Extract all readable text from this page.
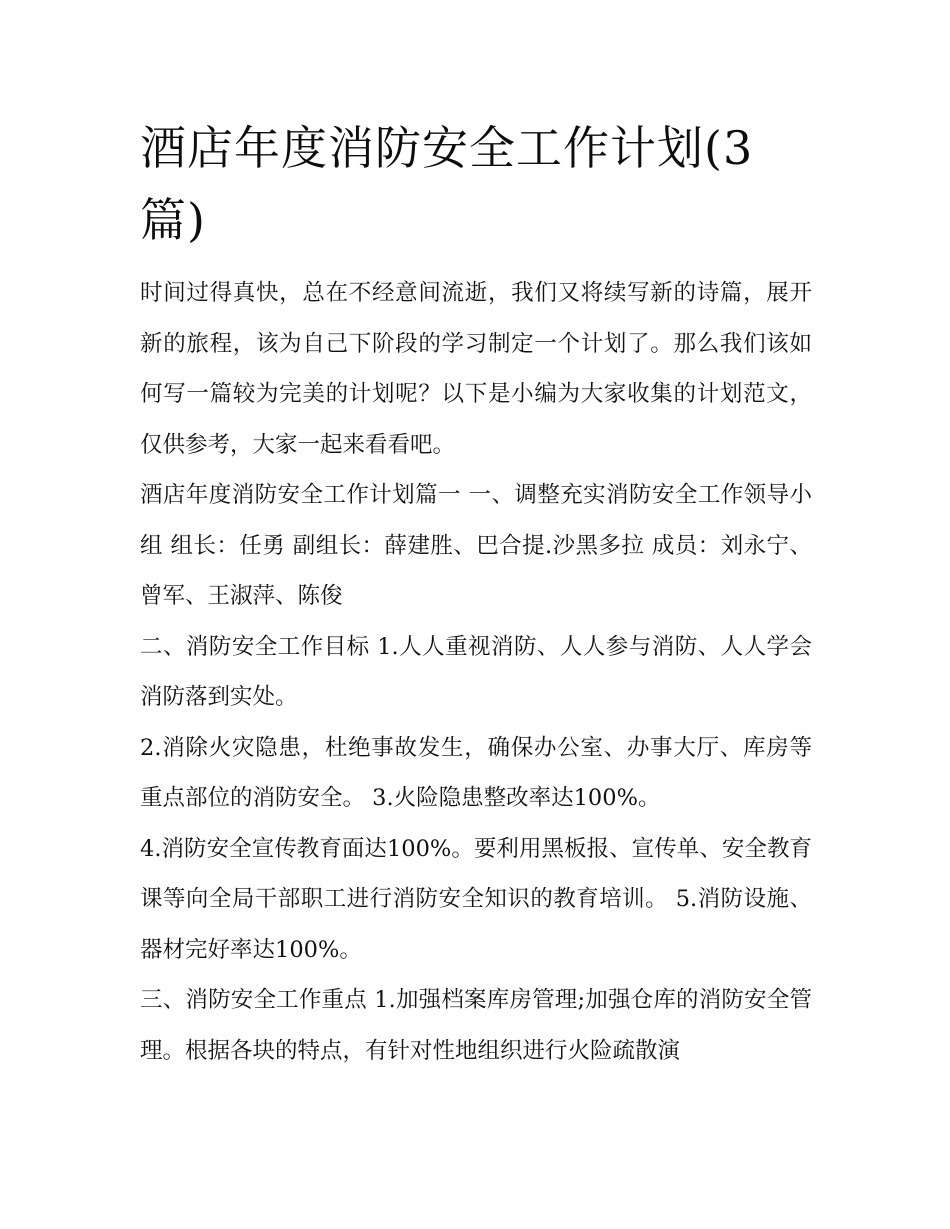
酒店年度消防安全工作计划(3篇)

时间过得真快，总在不经意间流逝，我们又将续写新的诗篇，展开新的旅程，该为自己下阶段的学习制定一个计划了。那么我们该如何写一篇较为完美的计划呢？以下是小编为大家收集的计划范文，仅供参考，大家一起来看看吧。

酒店年度消防安全工作计划篇一 一、调整充实消防安全工作领导小组 组长：任勇 副组长：薛建胜、巴合提.沙黑多拉 成员：刘永宁、曾军、王淑萍、陈俊

二、消防安全工作目标 1.人人重视消防、人人参与消防、人人学会消防落到实处。

2.消除火灾隐患，杜绝事故发生，确保办公室、办事大厅、库房等重点部位的消防安全。 3.火险隐患整改率达100%。

4.消防安全宣传教育面达100%。要利用黑板报、宣传单、安全教育课等向全局干部职工进行消防安全知识的教育培训。 5.消防设施、器材完好率达100%。

三、消防安全工作重点 1.加强档案库房管理;加强仓库的消防安全管理。根据各块的特点，有针对性地组织进行火险疏散演
